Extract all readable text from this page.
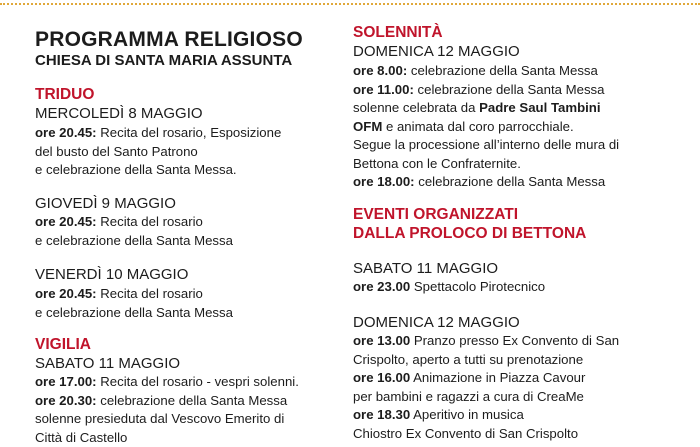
PROGRAMMA RELIGIOSO
CHIESA DI SANTA MARIA ASSUNTA
TRIDUO
MERCOLEDÌ 8 MAGGIO
ore 20.45: Recita del rosario, Esposizione
del busto del Santo Patrono
e celebrazione della Santa Messa.
GIOVEDÌ 9 MAGGIO
ore 20.45: Recita del rosario
e celebrazione della Santa Messa
VENERDÌ 10 MAGGIO
ore 20.45: Recita del rosario
e celebrazione della Santa Messa
VIGILIA
SABATO 11 MAGGIO
ore 17.00: Recita del rosario - vespri solenni.
ore 20.30: celebrazione della Santa Messa
solenne presieduta dal Vescovo Emerito di
Città di Castello
SOLENNITÀ
DOMENICA 12 MAGGIO
ore 8.00: celebrazione della Santa Messa
ore 11.00: celebrazione della Santa Messa
solenne celebrata da Padre Saul Tambini
OFM e animata dal coro parrocchiale.
Segue la processione all’interno delle mura di
Bettona con le Confraternite.
ore 18.00: celebrazione della Santa Messa
EVENTI ORGANIZZATI
DALLA PROLOCO DI BETTONA
SABATO 11 MAGGIO
ore 23.00 Spettacolo Pirotecnico
DOMENICA 12 MAGGIO
ore 13.00 Pranzo presso Ex Convento di San
Crispolto, aperto a tutti su prenotazione
ore 16.00 Animazione in Piazza Cavour
per bambini e ragazzi a cura di CreaMe
ore 18.30 Aperitivo in musica
Chiostro Ex Convento di San Crispolto
